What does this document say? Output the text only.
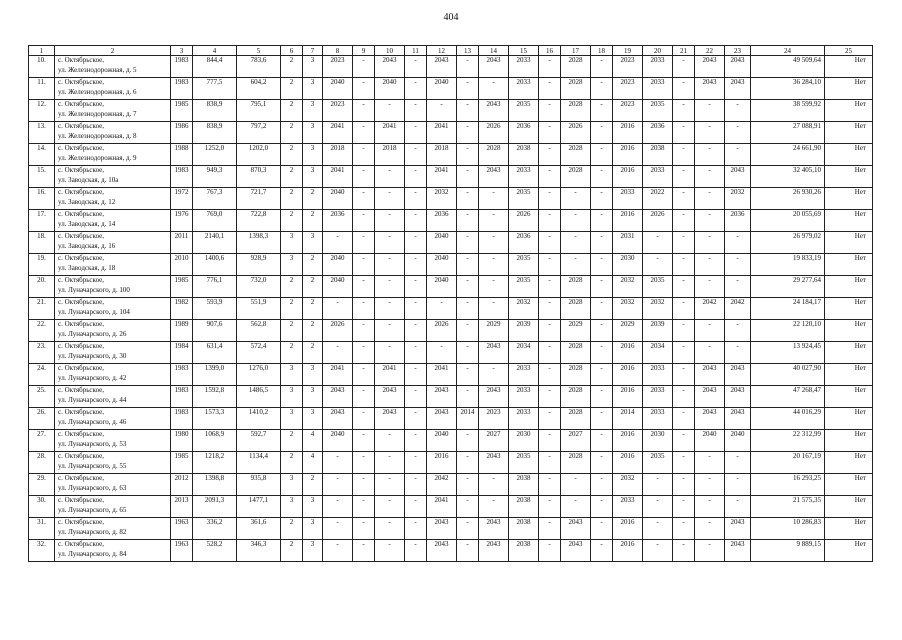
404
1	2	3	4	5	6	7	8	9	10	11	12	13	14	15	16	17	18	19	20	21	22	23	24	25
10.	с. Октябрьское,
ул. Железнодорожная, д. 5	1983	844,4	783,6	2	3	2023	-	2043	-	2043	-	2043	2033	-	2028	-	2023	2033	-	2043	2043	49 509,64	Нет
11.	с. Октябрьское,
ул. Железнодорожная, д. 6	1983	777,5	604,2	2	3	2040	-	2040	-	2040	-	-	2033	-	2028	-	2023	2033	-	2043	2043	36 284,10	Нет
12.	с. Октябрьское,
ул. Железнодорожная, д. 7	1985	838,9	795,1	2	3	2023	-	-	-	-	-	2043	2035	-	2028	-	2023	2035	-	-	-	38 599,92	Нет
13.	с. Октябрьское,
ул. Железнодорожная, д. 8	1986	838,9	797,2	2	3	2041	-	2041	-	2041	-	2026	2036	-	2026	-	2016	2036	-	-	-	27 088,91	Нет
14.	с. Октябрьское,
ул. Железнодорожная, д. 9	1988	1252,0	1202,0	2	3	2018	-	2018	-	2018	-	2028	2038	-	2028	-	2016	2038	-	-	-	24 661,90	Нет
15.	с. Октябрьское,
ул. Заводская, д. 10а	1983	949,3	870,3	2	3	2041	-	-	-	2041	-	2043	2033	-	2028	-	2016	2033	-	-	2043	32 405,10	Нет
16.	с. Октябрьское,
ул. Заводская, д. 12	1972	767,3	721,7	2	2	2040	-	-	-	2032	-	-	2035	-	-	-	2033	2022	-	-	2032	26 930,26	Нет
17.	с. Октябрьское,
ул. Заводская, д. 14	1976	769,0	722,8	2	2	2036	-	-	-	2036	-	-	2026	-	-	-	2016	2026	-	-	2036	20 055,69	Нет
18.	с. Октябрьское,
ул. Заводская, д. 16	2011	2140,1	1398,3	3	3	-	-	-	-	2040	-	-	2036	-	-	-	2031	-	-	-	-	26 979,02	Нет
19.	с. Октябрьское,
ул. Заводская, д. 18	2010	1400,6	928,9	3	2	2040	-	-	-	2040	-	-	2035	-	-	-	2030	-	-	-	-	19 833,19	Нет
20.	с. Октябрьское,
ул. Луначарского, д. 100	1985	776,1	732,0	2	2	2040	-	-	-	2040	-	-	2035	-	2028	-	2032	2035	-	-	-	29 277,64	Нет
21.	с. Октябрьское,
ул. Луначарского, д. 104	1982	593,9	551,9	2	2	-	-	-	-	-	-	-	2032	-	2028	-	2032	2032	-	2042	2042	24 184,17	Нет
22.	с. Октябрьское,
ул. Луначарского, д. 26	1989	907,6	562,8	2	2	2026	-	-	-	2026	-	2029	2039	-	2029	-	2029	2039	-	-	-	22 120,10	Нет
23.	с. Октябрьское,
ул. Луначарского, д. 30	1984	631,4	572,4	2	2	-	-	-	-	-	-	2043	2034	-	2028	-	2016	2034	-	-	-	13 924,45	Нет
24.	с. Октябрьское,
ул. Луначарского, д. 42	1983	1399,0	1276,0	3	3	2041	-	2041	-	2041	-	-	2033	-	2028	-	2016	2033	-	2043	2043	40 027,90	Нет
25.	с. Октябрьское,
ул. Луначарского, д. 44	1983	1592,8	1486,5	3	3	2043	-	2043	-	2043	-	2043	2033	-	2028	-	2016	2033	-	2043	2043	47 268,47	Нет
26.	с. Октябрьское,
ул. Луначарского, д. 46	1983	1573,3	1410,2	3	3	2043	-	2043	-	2043	2014	2023	2033	-	2028	-	2014	2033	-	2043	2043	44 016,29	Нет
27.	с. Октябрьское,
ул. Луначарского, д. 53	1980	1068,9	592,7	2	4	2040	-	-	-	2040	-	2027	2030	-	2027	-	2016	2030	-	2040	2040	22 312,99	Нет
28.	с. Октябрьское,
ул. Луначарского, д. 55	1985	1218,2	1134,4	2	4	-	-	-	-	2016	-	2043	2035	-	2028	-	2016	2035	-	-	-	20 167,19	Нет
29.	с. Октябрьское,
ул. Луначарского, д. 63	2012	1398,8	935,8	3	2	-	-	-	-	2042	-	-	2038	-	-	-	2032	-	-	-	-	16 293,25	Нет
30.	с. Октябрьское,
ул. Луначарского, д. 65	2013	2091,3	1477,1	3	3	-	-	-	-	2041	-	-	2038	-	-	-	2033	-	-	-	-	21 575,35	Нет
31.	с. Октябрьское,
ул. Луначарского, д. 82	1963	336,2	361,6	2	3	-	-	-	-	2043	-	2043	2038	-	2043	-	2016	-	-	-	2043	10 286,83	Нет
32.	с. Октябрьское,
ул. Луначарского, д. 84	1963	528,2	346,3	2	3	-	-	-	-	2043	-	2043	2038	-	2043	-	2016	-	-	-	2043	9 889,15	Нет
